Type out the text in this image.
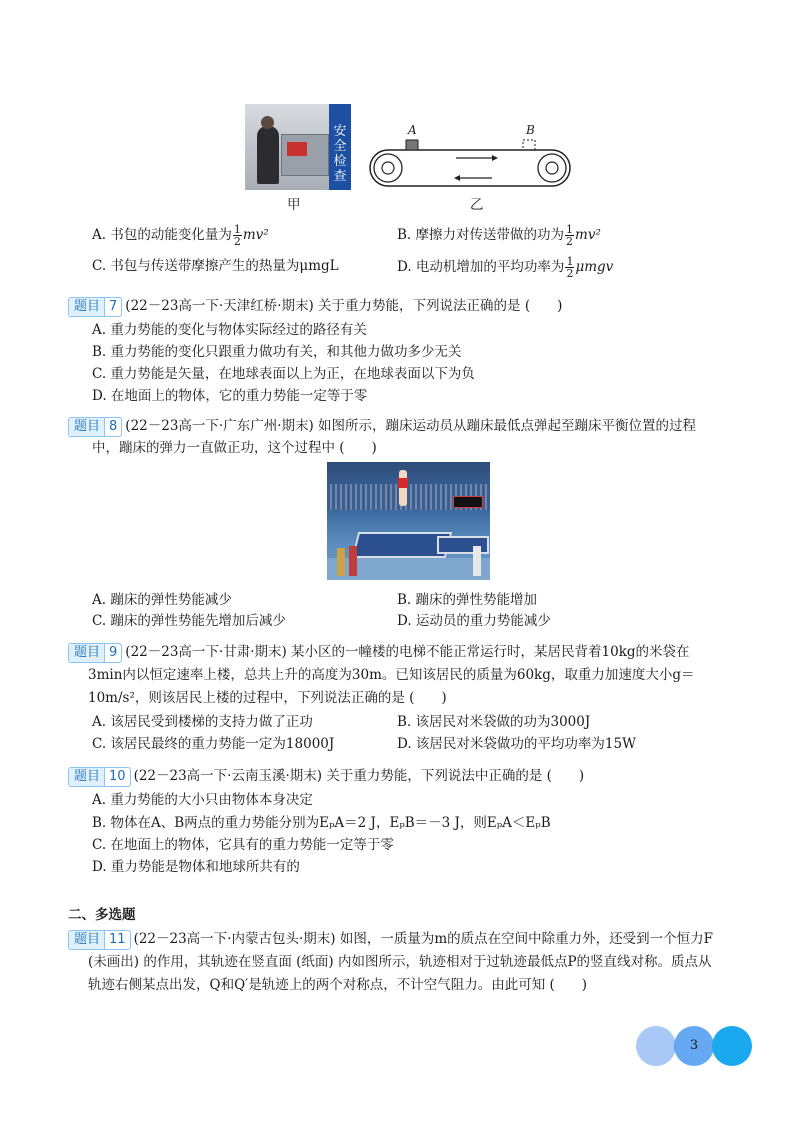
安
全
检
查
甲
A	B
乙
A. 书包的动能变化量为 $\frac{1}{2} mv^2$	B. 摩擦力对传送带做的功为 $\frac{1}{2} mv^2$
C. 书包与传送带摩擦产生的热量为μmgL	D. 电动机增加的平均功率为 $\frac{1}{2}$ μmgv
题目 7 (22－23高一下·天津红桥·期末) 关于重力势能，下列说法正确的是 (　　)
A. 重力势能的变化与物体实际经过的路径有关
B. 重力势能的变化只跟重力做功有关，和其他力做功多少无关
C. 重力势能是矢量，在地球表面以上为正，在地球表面以下为负
D. 在地面上的物体，它的重力势能一定等于零
题目 8 (22－23高一下·广东广州·期末) 如图所示，蹦床运动员从蹦床最低点弹起至蹦床平衡位置的过程
中，蹦床的弹力一直做正功，这个过程中 (　　)
A. 蹦床的弹性势能减少	B. 蹦床的弹性势能增加
C. 蹦床的弹性势能先增加后减少	D. 运动员的重力势能减少
题目 9 (22－23高一下·甘肃·期末) 某小区的一幢楼的电梯不能正常运行时，某居民背着10kg的米袋在
3min内以恒定速率上楼，总共上升的高度为30m。已知该居民的质量为60kg，取重力加速度大小g＝
10m/s²，则该居民上楼的过程中，下列说法正确的是 (　　)
A. 该居民受到楼梯的支持力做了正功	B. 该居民对米袋做的功为3000J
C. 该居民最终的重力势能一定为18000J	D. 该居民对米袋做功的平均功率为15W
题目 10 (22－23高一下·云南玉溪·期末) 关于重力势能，下列说法中正确的是 (　　)
A. 重力势能的大小只由物体本身决定
B. 物体在A、B两点的重力势能分别为EₚA＝2 J，EₚB＝－3 J，则EₚA＜EₚB
C. 在地面上的物体，它具有的重力势能一定等于零
D. 重力势能是物体和地球所共有的
二、多选题
题目 11 (22－23高一下·内蒙古包头·期末) 如图，一质量为m的质点在空间中除重力外，还受到一个恒力F
(未画出) 的作用，其轨迹在竖直面 (纸面) 内如图所示，轨迹相对于过轨迹最低点P的竖直线对称。质点从
轨迹右侧某点出发，Q和Q′是轨迹上的两个对称点，不计空气阻力。由此可知 (　　)
3
